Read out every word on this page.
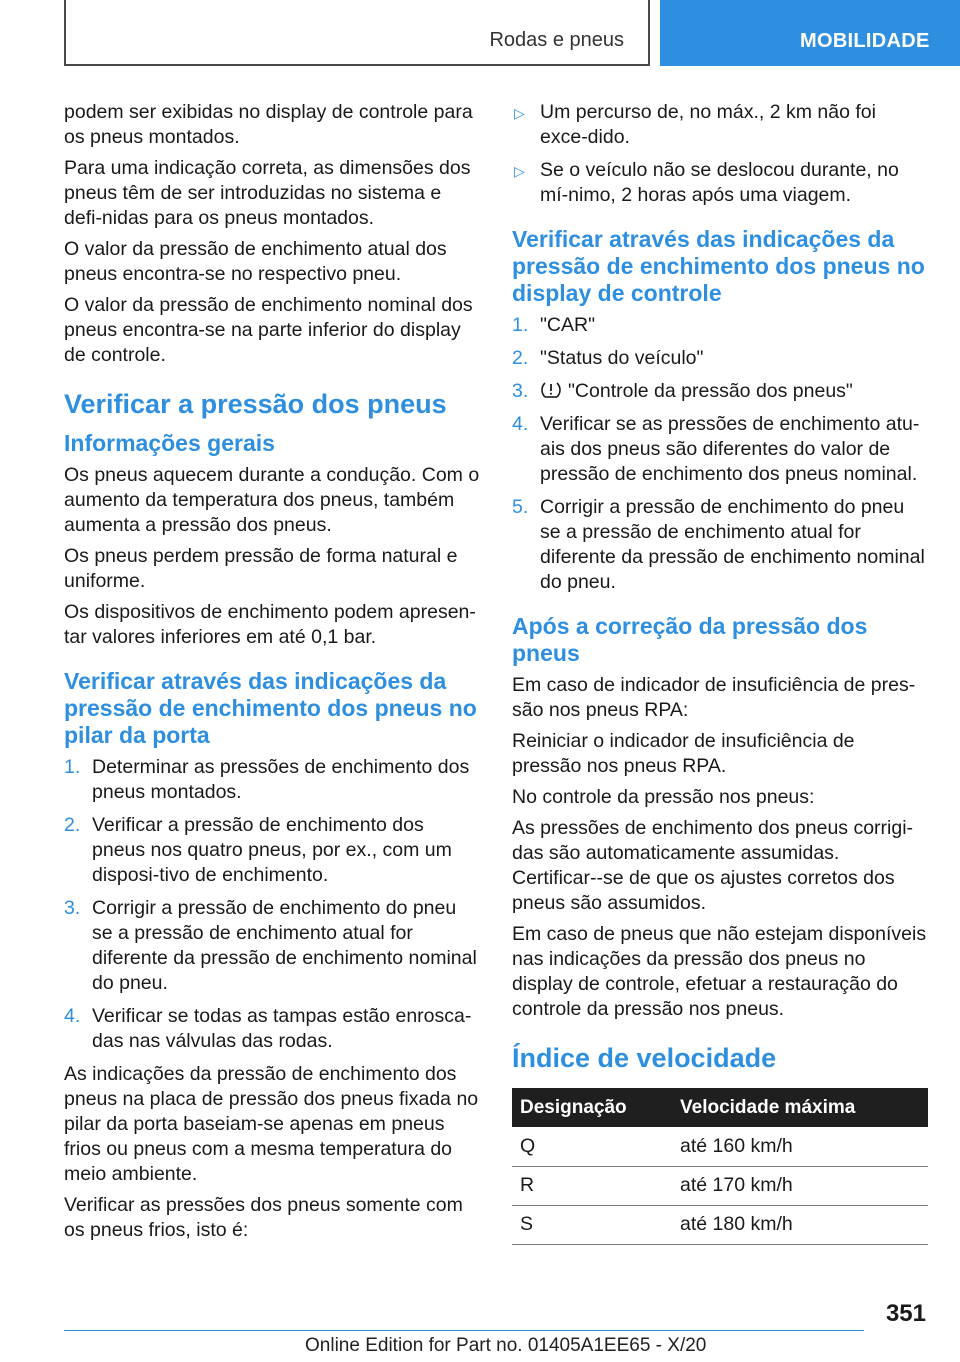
Rodas e pneus	MOBILIDADE

podem ser exibidas no display de controle para os pneus montados.

Para uma indicação correta, as dimensões dos pneus têm de ser introduzidas no sistema e defi-nidas para os pneus montados.

O valor da pressão de enchimento atual dos pneus encontra-se no respectivo pneu.

O valor da pressão de enchimento nominal dos pneus encontra-se na parte inferior do display de controle.

Verificar a pressão dos pneus
Informações gerais

Os pneus aquecem durante a condução. Com o aumento da temperatura dos pneus, também aumenta a pressão dos pneus.

Os pneus perdem pressão de forma natural e uniforme.

Os dispositivos de enchimento podem apresen-tar valores inferiores em até 0,1 bar.

Verificar através das indicações da pressão de enchimento dos pneus no pilar da porta
1. Determinar as pressões de enchimento dos pneus montados.
2. Verificar a pressão de enchimento dos pneus nos quatro pneus, por ex., com um disposi-tivo de enchimento.
3. Corrigir a pressão de enchimento do pneu se a pressão de enchimento atual for diferente da pressão de enchimento nominal do pneu.
4. Verificar se todas as tampas estão enrosca-das nas válvulas das rodas.

As indicações da pressão de enchimento dos pneus na placa de pressão dos pneus fixada no pilar da porta baseiam-se apenas em pneus frios ou pneus com a mesma temperatura do meio ambiente.

Verificar as pressões dos pneus somente com os pneus frios, isto é:

▷ Um percurso de, no máx., 2 km não foi exce-dido.
▷ Se o veículo não se deslocou durante, no mí-nimo, 2 horas após uma viagem.
Verificar através das indicações da pressão de enchimento dos pneus no display de controle
1. "CAR"
2. "Status do veículo"
3. "Controle da pressão dos pneus"
4. Verificar se as pressões de enchimento atu-ais dos pneus são diferentes do valor de pressão de enchimento dos pneus nominal.
5. Corrigir a pressão de enchimento do pneu se a pressão de enchimento atual for diferente da pressão de enchimento nominal do pneu.
Após a correção da pressão dos pneus

Em caso de indicador de insuficiência de pres-são nos pneus RPA:

Reiniciar o indicador de insuficiência de pressão nos pneus RPA.

No controle da pressão nos pneus:

As pressões de enchimento dos pneus corrigi-das são automaticamente assumidas. Certificar--se de que os ajustes corretos dos pneus são assumidos.

Em caso de pneus que não estejam disponíveis nas indicações da pressão dos pneus no display de controle, efetuar a restauração do controle da pressão nos pneus.

Índice de velocidade
Designação	Velocidade máxima
Q	até 160 km/h
R	até 170 km/h
S	até 180 km/h
351
Online Edition for Part no. 01405A1EE65 - X/20
